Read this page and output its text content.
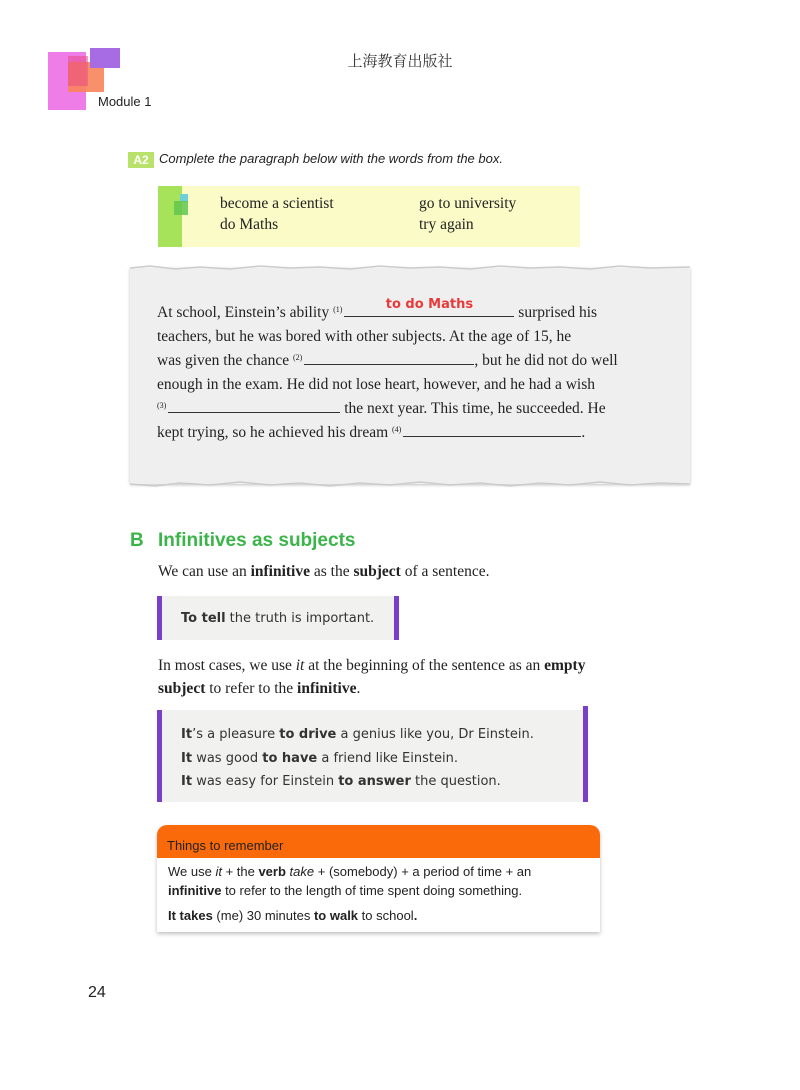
上海教育出版社
Module 1
A2 Complete the paragraph below with the words from the box.
become a scientist	go to university
do Maths	try again
At school, Einstein’s ability $^{(1)}$	to do Maths	surprised his
teachers, but he was bored with other subjects. At the age of 15, he
was given the chance $^{(2)}$	, but he did not do well
enough in the exam. He did not lose heart, however, and he had a wish
$^{(3)}$	the next year. This time, he succeeded. He
kept trying, so he achieved his dream $^{(4)}$	.
B Infinitives as subjects
We can use an infinitive as the subject of a sentence.
To tell the truth is important.
In most cases, we use it at the beginning of the sentence as an empty
subject to refer to the infinitive.
It’s a pleasure to drive a genius like you, Dr Einstein.
It was good to have a friend like Einstein.
It was easy for Einstein to answer the question.
Things to remember
We use it + the verb take + (somebody) + a period of time + an
infinitive to refer to the length of time spent doing something.
It takes (me) 30 minutes to walk to school.
24
